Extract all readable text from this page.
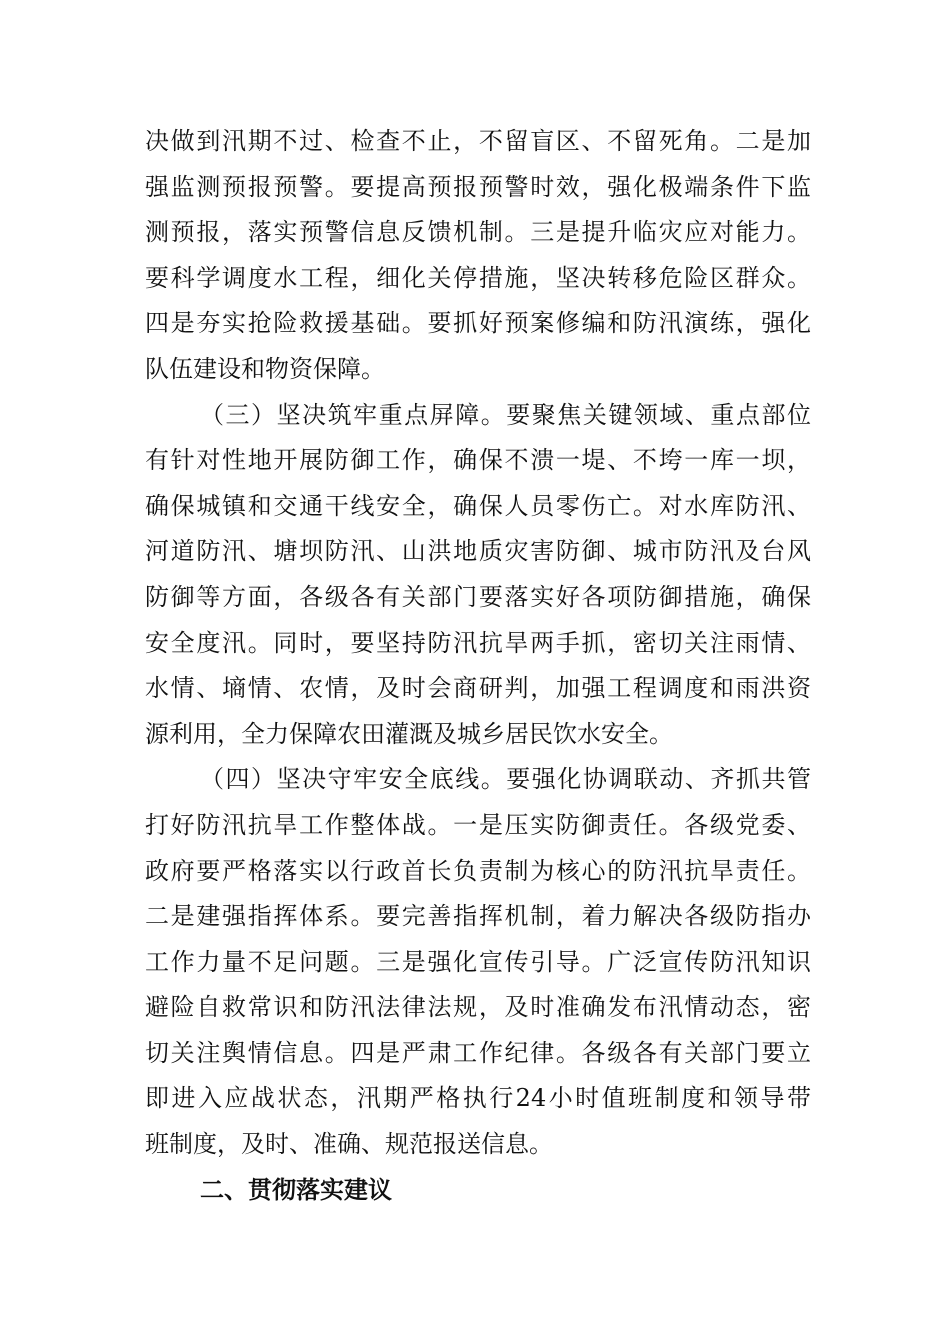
决做到汛期不过、检查不止，不留盲区、不留死角。二是加
强监测预报预警。要提高预报预警时效，强化极端条件下监
测预报，落实预警信息反馈机制。三是提升临灾应对能力。
要科学调度水工程，细化关停措施，坚决转移危险区群众。
四是夯实抢险救援基础。要抓好预案修编和防汛演练，强化
队伍建设和物资保障。
（三）坚决筑牢重点屏障。要聚焦关键领域、重点部位
有针对性地开展防御工作，确保不溃一堤、不垮一库一坝，
确保城镇和交通干线安全，确保人员零伤亡。对水库防汛、
河道防汛、塘坝防汛、山洪地质灾害防御、城市防汛及台风
防御等方面，各级各有关部门要落实好各项防御措施，确保
安全度汛。同时，要坚持防汛抗旱两手抓，密切关注雨情、
水情、墒情、农情，及时会商研判，加强工程调度和雨洪资
源利用，全力保障农田灌溉及城乡居民饮水安全。
（四）坚决守牢安全底线。要强化协调联动、齐抓共管
打好防汛抗旱工作整体战。一是压实防御责任。各级党委、
政府要严格落实以行政首长负责制为核心的防汛抗旱责任。
二是建强指挥体系。要完善指挥机制，着力解决各级防指办
工作力量不足问题。三是强化宣传引导。广泛宣传防汛知识
避险自救常识和防汛法律法规，及时准确发布汛情动态，密
切关注舆情信息。四是严肃工作纪律。各级各有关部门要立
即进入应战状态，汛期严格执行24小时值班制度和领导带
班制度，及时、准确、规范报送信息。
二、贯彻落实建议
